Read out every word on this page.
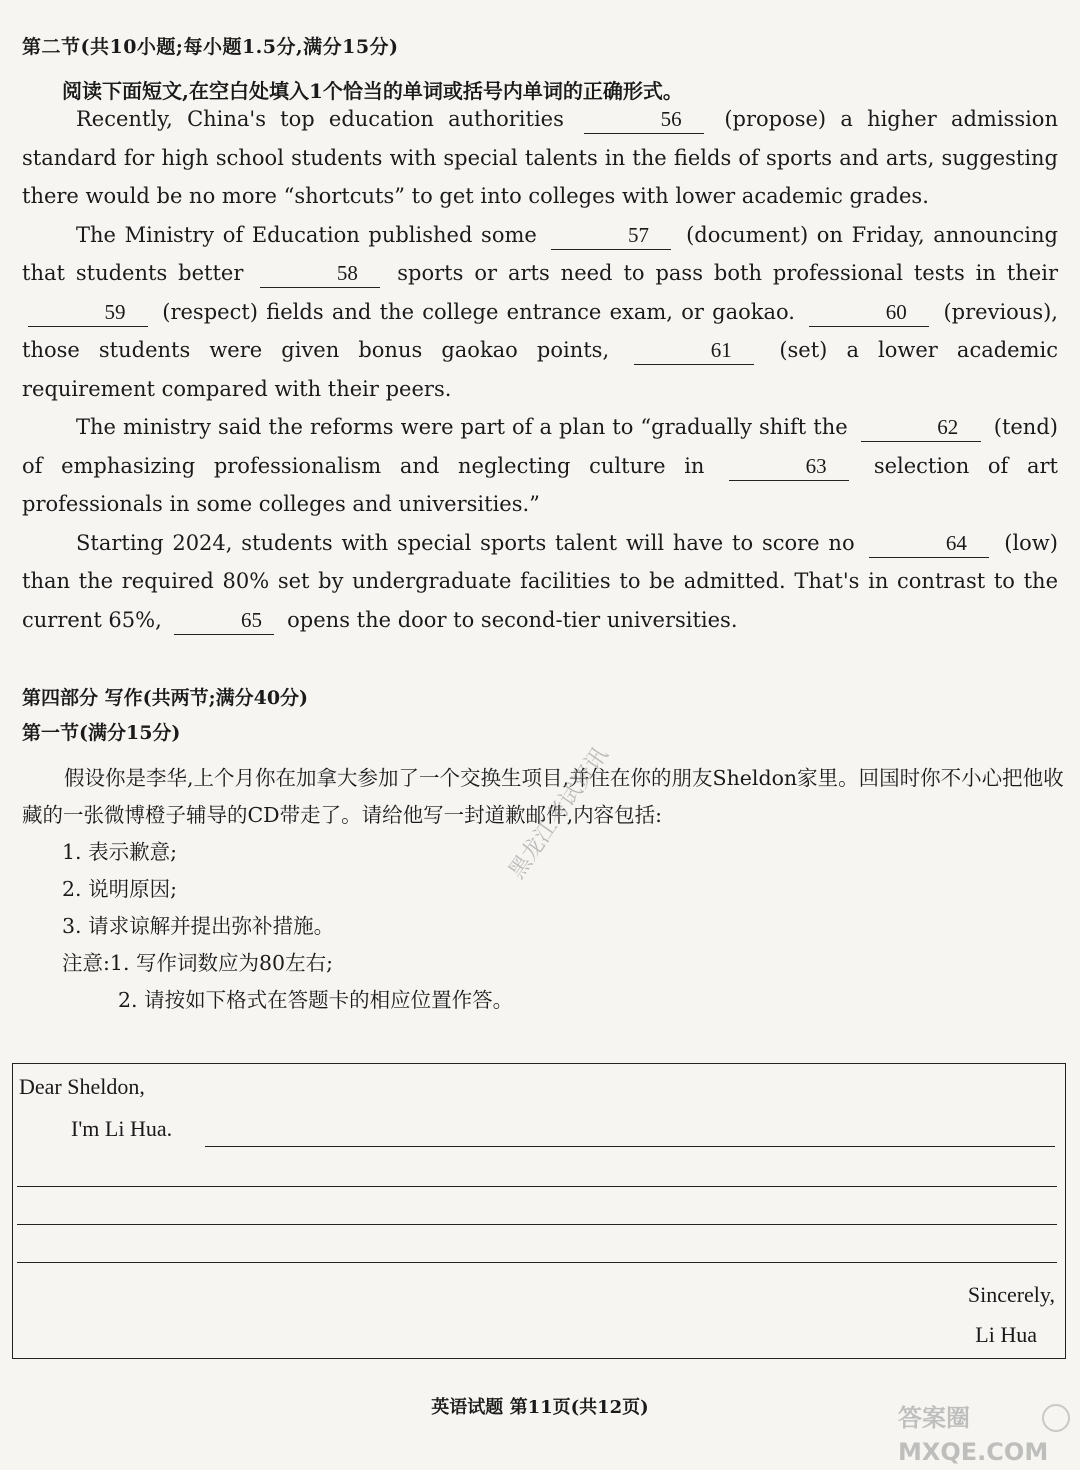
第二节(共10小题;每小题1.5分,满分15分)
阅读下面短文,在空白处填入1个恰当的单词或括号内单词的正确形式。

Recently, China's top education authorities	56 (propose) a higher admission standard for high school students with special talents in the fields of sports and arts, suggesting there would be no more “shortcuts” to get into colleges with lower academic grades.

The Ministry of Education published some	57 (document) on Friday, announcing that students better	58 sports or arts need to pass both professional tests in their 59 (respect) fields and the college entrance exam, or gaokao.	60 (previous), those students were given bonus gaokao points,	61 (set) a lower academic requirement compared with their peers.

The ministry said the reforms were part of a plan to “gradually shift the	62 (tend) of emphasizing professionalism and neglecting culture in	63 selection of art professionals in some colleges and universities.”

Starting 2024, students with special sports talent will have to score no	64 (low) than the required 80% set by undergraduate facilities to be admitted. That's in contrast to the current 65%,	65 opens the door to second-tier universities.

第四部分 写作(共两节;满分40分)
第一节(满分15分)

假设你是李华,上个月你在加拿大参加了一个交换生项目,并住在你的朋友Sheldon家里。回国时你不小心把他收藏的一张微博橙子辅导的CD带走了。请给他写一封道歉邮件,内容包括:

1. 表示歉意;
2. 说明原因;
3. 请求谅解并提出弥补措施。
注意:1. 写作词数应为80左右;
2. 请按如下格式在答题卡的相应位置作答。
Dear Sheldon,
I'm Li Hua.
Sincerely,
Li Hua
黑龙江考试资讯
英语试题 第11页(共12页)	答案圈
MXQE.COM
